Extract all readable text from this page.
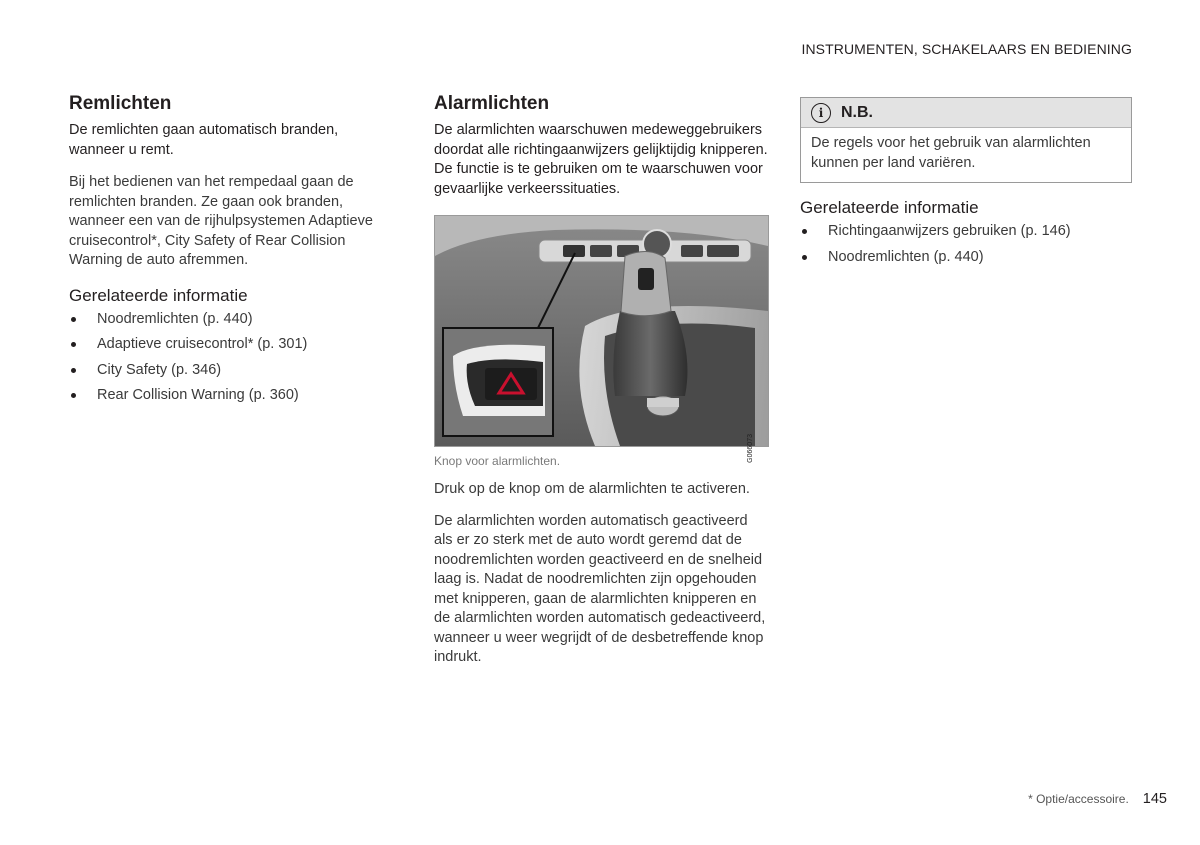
INSTRUMENTEN, SCHAKELAARS EN BEDIENING
Remlichten

De remlichten gaan automatisch branden, wanneer u remt.

Bij het bedienen van het rempedaal gaan de remlichten branden. Ze gaan ook branden, wanneer een van de rijhulpsystemen Adaptieve cruisecontrol*, City Safety of Rear Collision Warning de auto afremmen.

Gerelateerde informatie
Noodremlichten (p. 440)
Adaptieve cruisecontrol* (p. 301)
City Safety (p. 346)
Rear Collision Warning (p. 360)
Alarmlichten

De alarmlichten waarschuwen medeweggebruikers doordat alle richtingaanwijzers gelijktijdig knipperen. De functie is te gebruiken om te waarschuwen voor gevaarlijke verkeerssituaties.

G066073
Knop voor alarmlichten.

Druk op de knop om de alarmlichten te activeren.

De alarmlichten worden automatisch geactiveerd als er zo sterk met de auto wordt geremd dat de noodremlichten worden geactiveerd en de snelheid laag is. Nadat de noodremlichten zijn opgehouden met knipperen, gaan de alarmlichten knipperen en de alarmlichten worden automatisch gedeactiveerd, wanneer u weer wegrijdt of de desbetreffende knop indrukt.

i	N.B.
De regels voor het gebruik van alarmlichten kunnen per land variëren.
Gerelateerde informatie
Richtingaanwijzers gebruiken (p. 146)
Noodremlichten (p. 440)
* Optie/accessoire. 145
